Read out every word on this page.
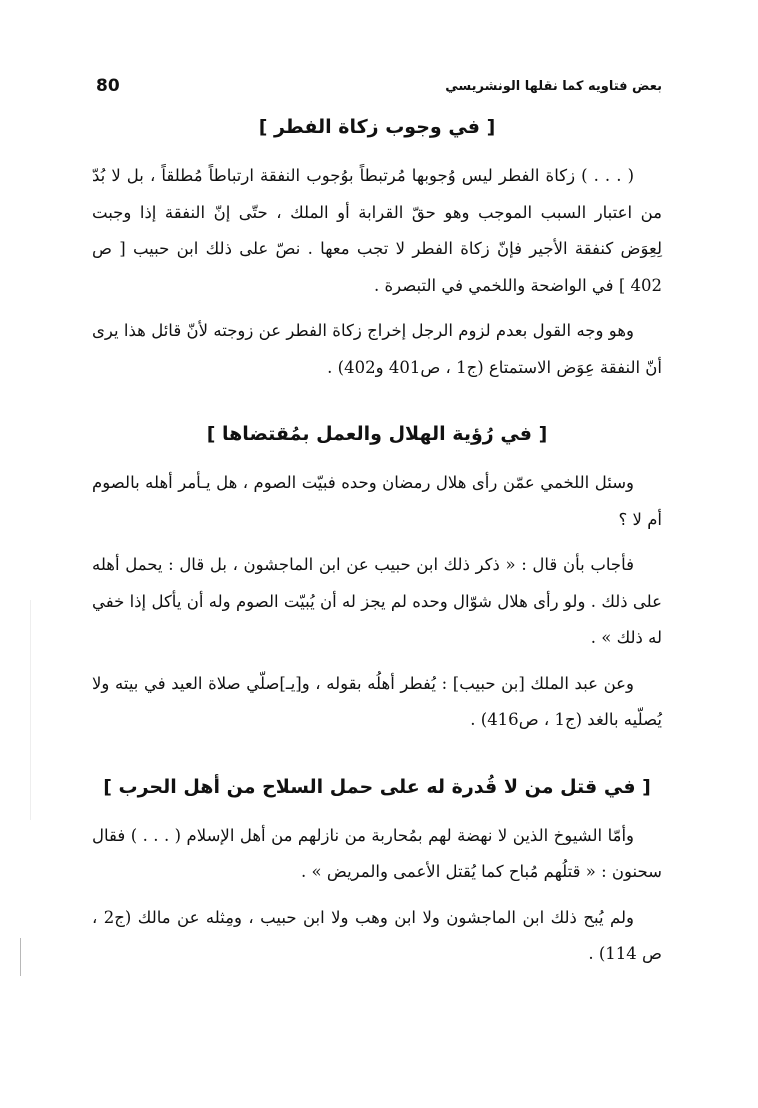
80	بعض فتاويه كما نقلها الونشريسي
[ في وجوب زكاة الفطر ]

( . . . ) زكاة الفطر ليس وُجوبها مُرتبطاً بوُجوب النفقة ارتباطاً مُطلقاً ، بل لا بُدّ من اعتبار السبب الموجب وهو حقّ القرابة أو الملك ، حتّى إنّ النفقة إذا وجبت لِعِوَض كنفقة الأجير فإنّ زكاة الفطر لا تجب معها . نصّ على ذلك ابن حبيب [ ص 402 ] في الواضحة واللخمي في التبصرة .

وهو وجه القول بعدم لزوم الرجل إخراج زكاة الفطر عن زوجته لأنّ قائل هذا يرى أنّ النفقة عِوَض الاستمتاع (ج1 ، ص401 و402) .

[ في رُؤية الهلال والعمل بمُقتضاها ]

وسئل اللخمي عمّن رأى هلال رمضان وحده فبيّت الصوم ، هل يـأمر أهله بالصوم أم لا ؟

فأجاب بأن قال : « ذكر ذلك ابن حبيب عن ابن الماجشون ، بل قال : يحمل أهله على ذلك . ولو رأى هلال شوّال وحده لم يجز له أن يُبيّت الصوم وله أن يأكل إذا خفي له ذلك » .

وعن عبد الملك [بن حبيب] : يُفطر أهلُه بقوله ، و[يـ]صلّي صلاة العيد في بيته ولا يُصلّيه بالغد (ج1 ، ص416) .

[ في قتل من لا قُدرة له على حمل السلاح من أهل الحرب ]

وأمّا الشيوخ الذين لا نهضة لهم بمُحاربة من نازلهم من أهل الإسلام ( . . . ) فقال سحنون : « قتلُهم مُباح كما يُقتل الأعمى والمريض » .

ولم يُبح ذلك ابن الماجشون ولا ابن وهب ولا ابن حبيب ، ومِثله عن مالك (ج2 ، ص 114) .
